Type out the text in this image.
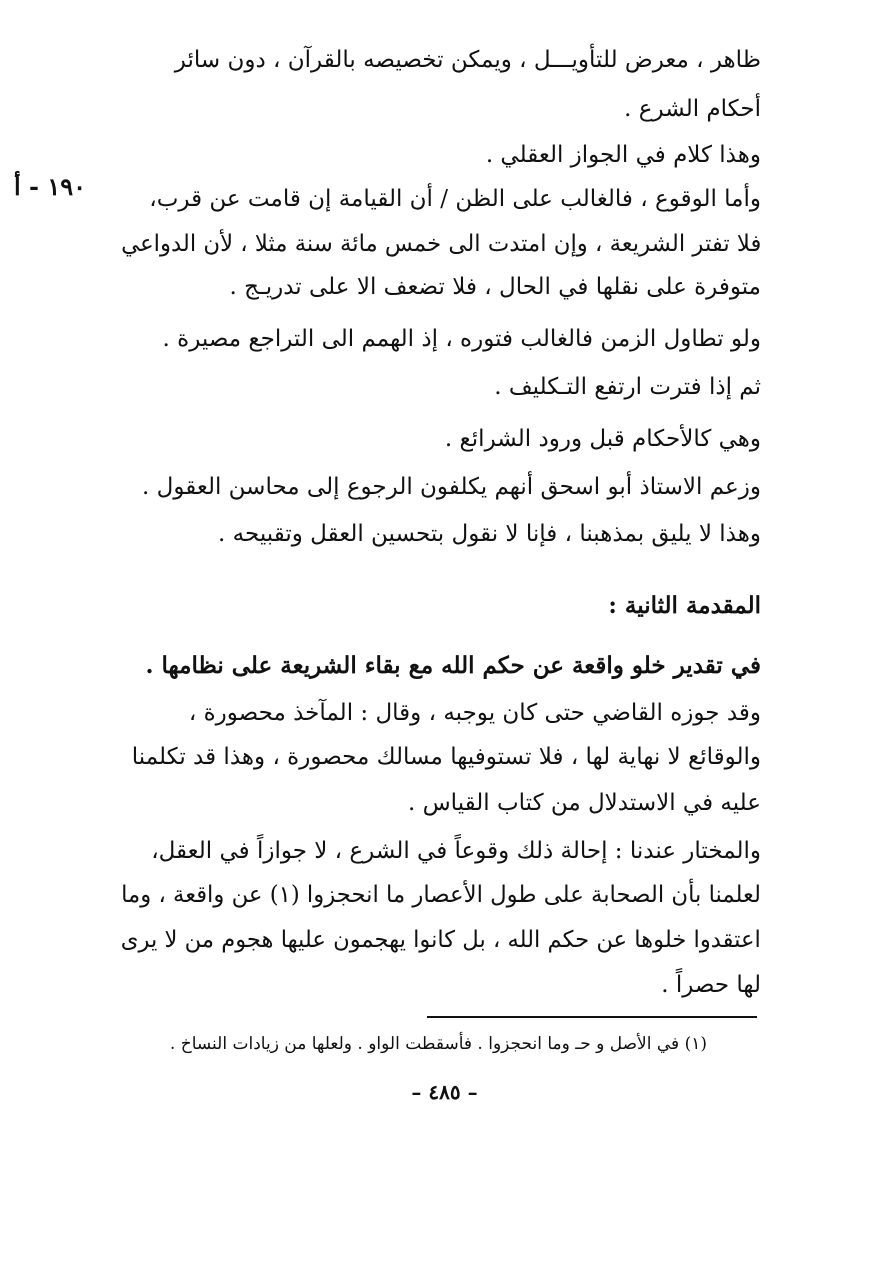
١٩٠ - أ
ظاهر ، معرض للتأويـــل ، ويمكن تخصيصه بالقرآن ، دون سائر
أحكام الشرع .
وهذا كلام في الجواز العقلي .
وأما الوقوع ، فالغالب على الظن / أن القيامة إن قامت عن قرب،
فلا تفتر الشريعة ، وإن امتدت الى خمس مائة سنة مثلا ، لأن الدواعي
متوفرة على نقلها في الحال ، فلا تضعف الا على تدريـج .
ولو تطاول الزمن فالغالب فتوره ، إذ الهمم الى التراجع مصيرة .
ثم إذا فترت ارتفع التـكليف .
وهي كالأحكام قبل ورود الشرائع .
وزعم الاستاذ أبو اسحق أنهم يكلفون الرجوع إلى محاسن العقول .
وهذا لا يليق بمذهبنا ، فإنا لا نقول بتحسين العقل وتقبيحه .
المقدمة الثانية :
في تقدير خلو واقعة عن حكم الله مع بقاء الشريعة على نظامها .
وقد جوزه القاضي حتى كان يوجبه ، وقال : المآخذ محصورة ،
والوقائع لا نهاية لها ، فلا تستوفيها مسالك محصورة ، وهذا قد تكلمنا
عليه في الاستدلال من كتاب القياس .
والمختار عندنا : إحالة ذلك وقوعاً في الشرع ، لا جوازاً في العقل،
لعلمنا بأن الصحابة على طول الأعصار ما انحجزوا (١) عن واقعة ، وما
اعتقدوا خلوها عن حكم الله ، بل كانوا يهجمون عليها هجوم من لا يرى
لها حصراً .
(١) في الأصل و حـ وما انحجزوا . فأسقطت الواو . ولعلها من زيادات النساخ .
– ٤٨٥ –
